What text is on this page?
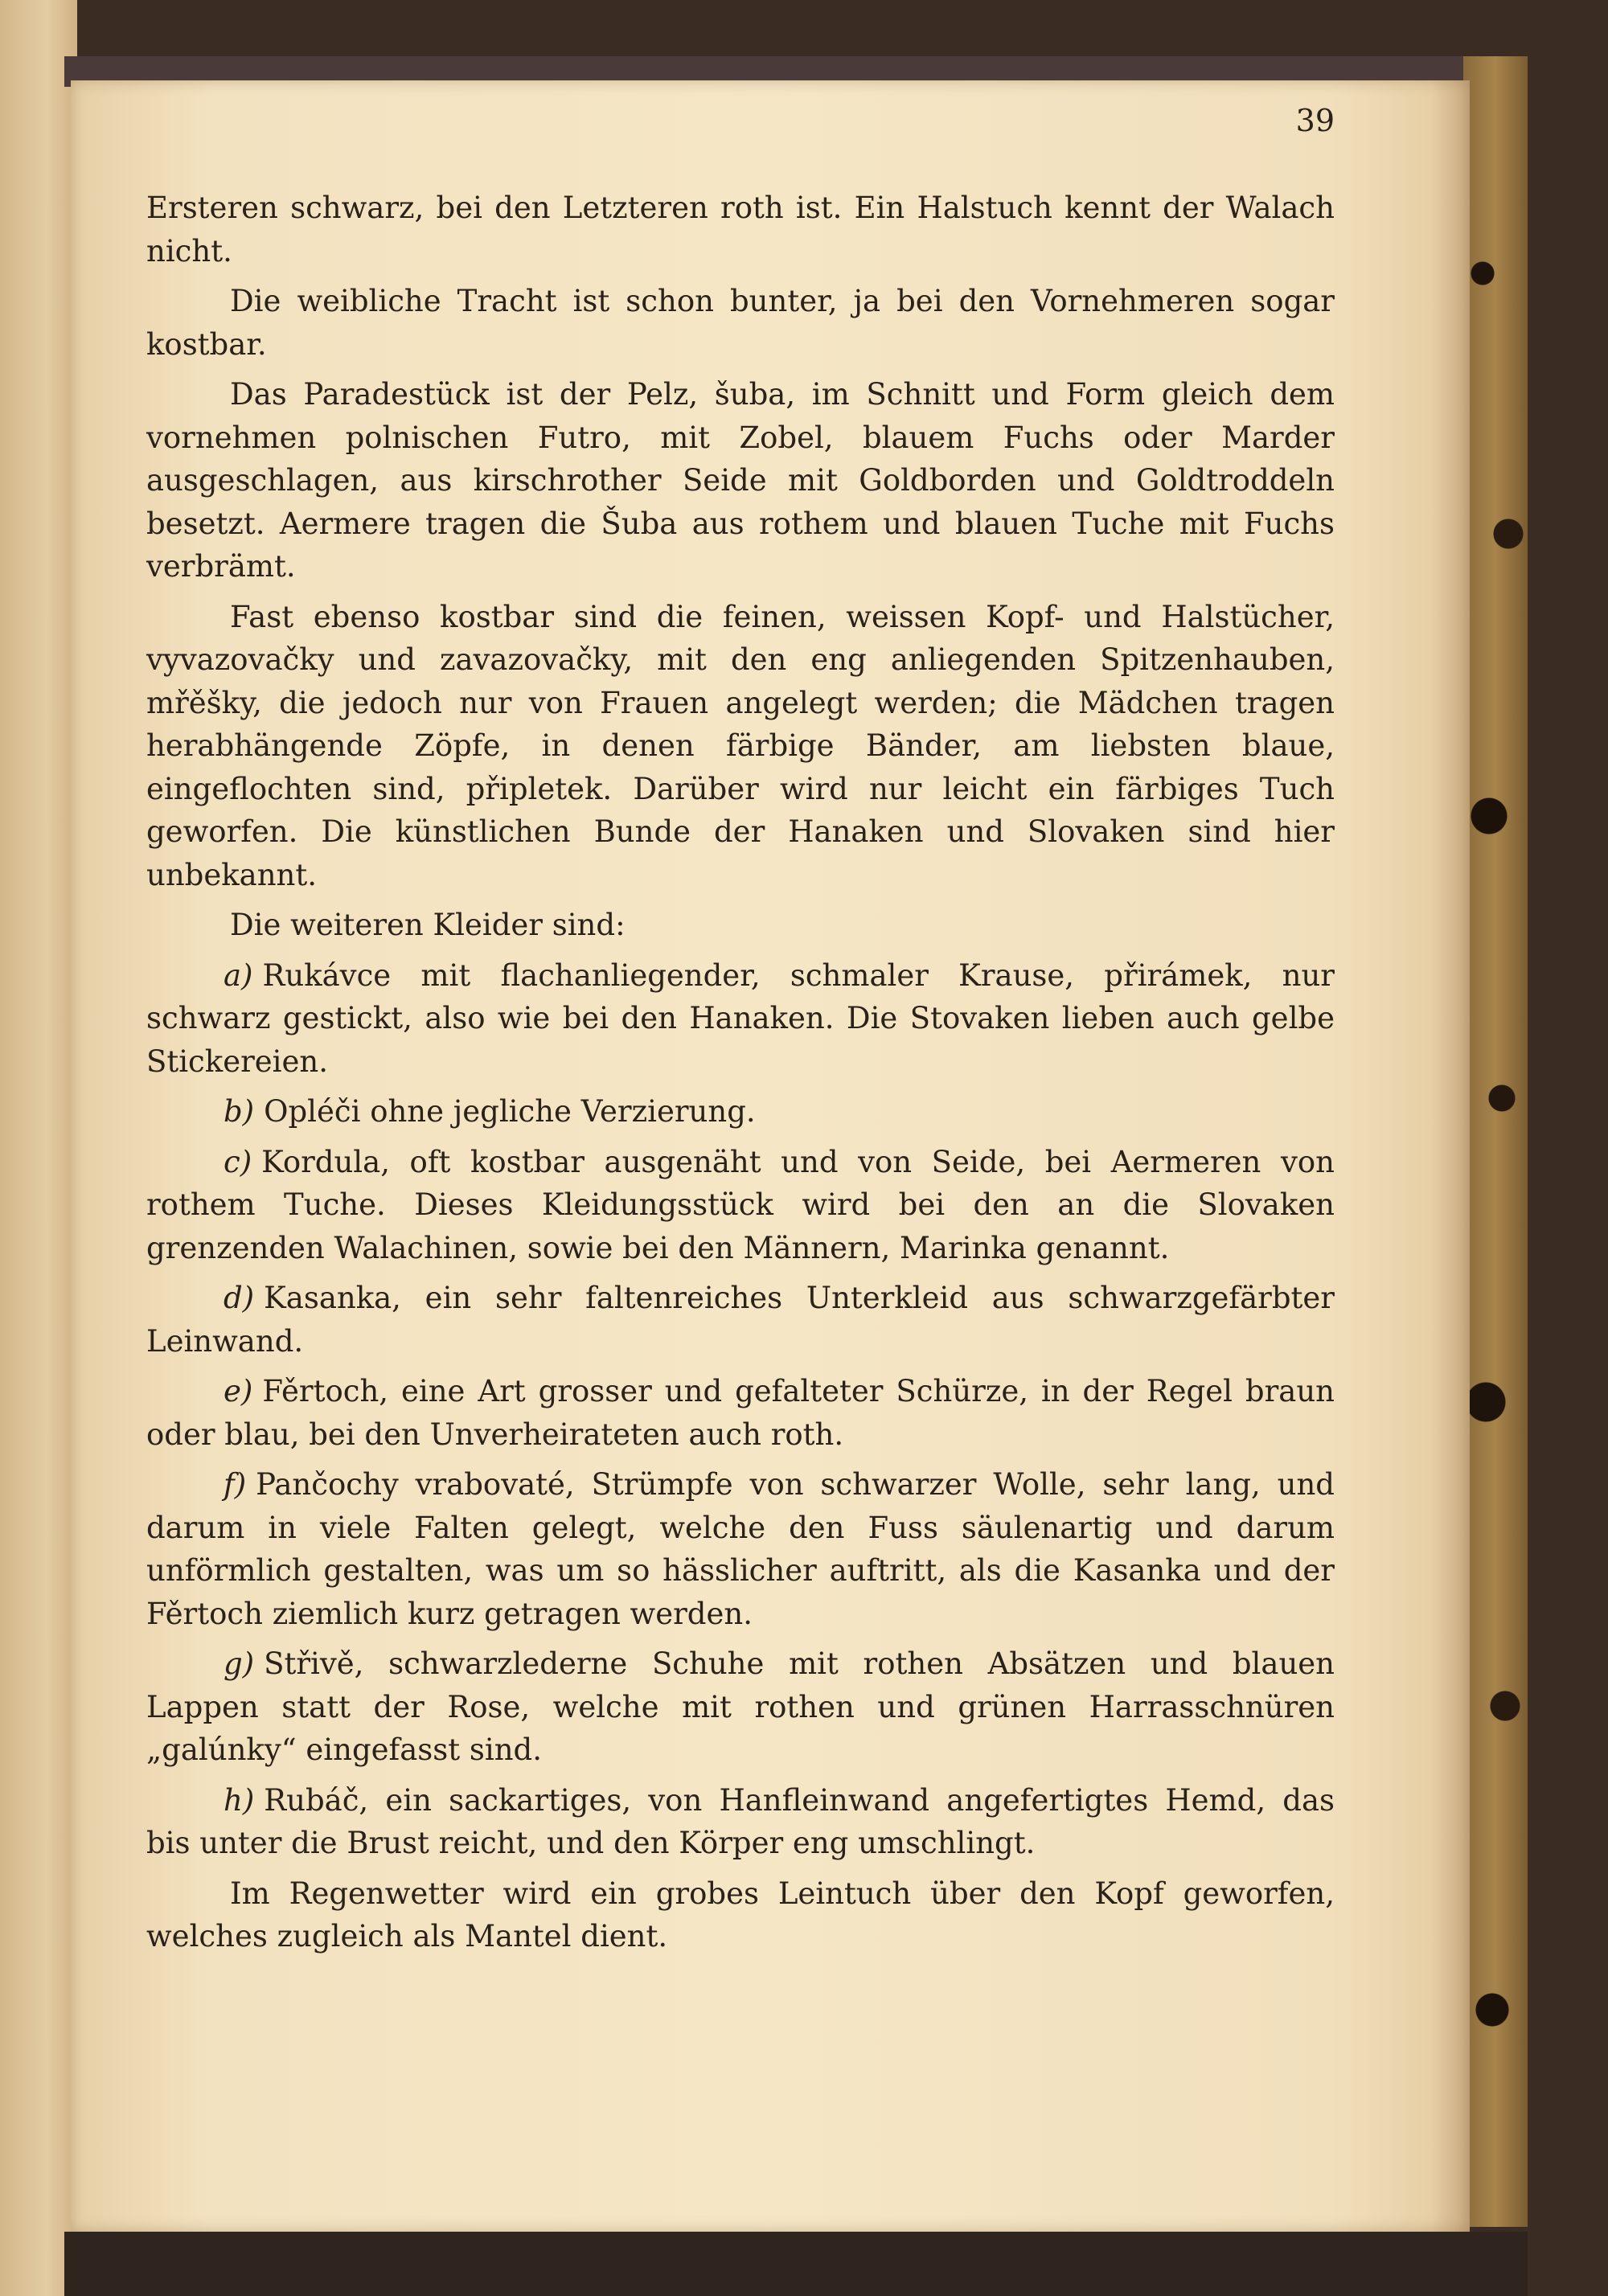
39

Ersteren schwarz, bei den Letzteren roth ist. Ein Halstuch kennt der Walach nicht.

Die weibliche Tracht ist schon bunter, ja bei den Vornehmeren sogar kostbar.

Das Paradestück ist der Pelz, šuba, im Schnitt und Form gleich dem vornehmen polnischen Futro, mit Zobel, blauem Fuchs oder Marder ausgeschlagen, aus kirschrother Seide mit Goldborden und Goldtroddeln besetzt. Aermere tragen die Šuba aus rothem und blauen Tuche mit Fuchs verbrämt.

Fast ebenso kostbar sind die feinen, weissen Kopf- und Halstücher, vyvazovačky und zavazovačky, mit den eng anliegenden Spitzenhauben, mřěšky, die jedoch nur von Frauen angelegt werden; die Mädchen tragen herabhängende Zöpfe, in denen färbige Bänder, am liebsten blaue, eingeflochten sind, připletek. Darüber wird nur leicht ein färbiges Tuch geworfen. Die künstlichen Bunde der Hanaken und Slovaken sind hier unbekannt.

Die weiteren Kleider sind:

a) Rukávce mit flachanliegender, schmaler Krause, přirámek, nur schwarz gestickt, also wie bei den Hanaken. Die Stovaken lieben auch gelbe Stickereien.

b) Opléči ohne jegliche Verzierung.

c) Kordula, oft kostbar ausgenäht und von Seide, bei Aermeren von rothem Tuche. Dieses Kleidungsstück wird bei den an die Slovaken grenzenden Walachinen, sowie bei den Männern, Marinka genannt.

d) Kasanka, ein sehr faltenreiches Unterkleid aus schwarzgefärbter Leinwand.

e) Fěrtoch, eine Art grosser und gefalteter Schürze, in der Regel braun oder blau, bei den Unverheirateten auch roth.

f) Pančochy vrabovaté, Strümpfe von schwarzer Wolle, sehr lang, und darum in viele Falten gelegt, welche den Fuss säulenartig und darum unförmlich gestalten, was um so hässlicher auftritt, als die Kasanka und der Fěrtoch ziemlich kurz getragen werden.

g) Střivě, schwarzlederne Schuhe mit rothen Absätzen und blauen Lappen statt der Rose, welche mit rothen und grünen Harrasschnüren „galúnky“ eingefasst sind.

h) Rubáč, ein sackartiges, von Hanfleinwand angefertigtes Hemd, das bis unter die Brust reicht, und den Körper eng umschlingt.

Im Regenwetter wird ein grobes Leintuch über den Kopf geworfen, welches zugleich als Mantel dient.
